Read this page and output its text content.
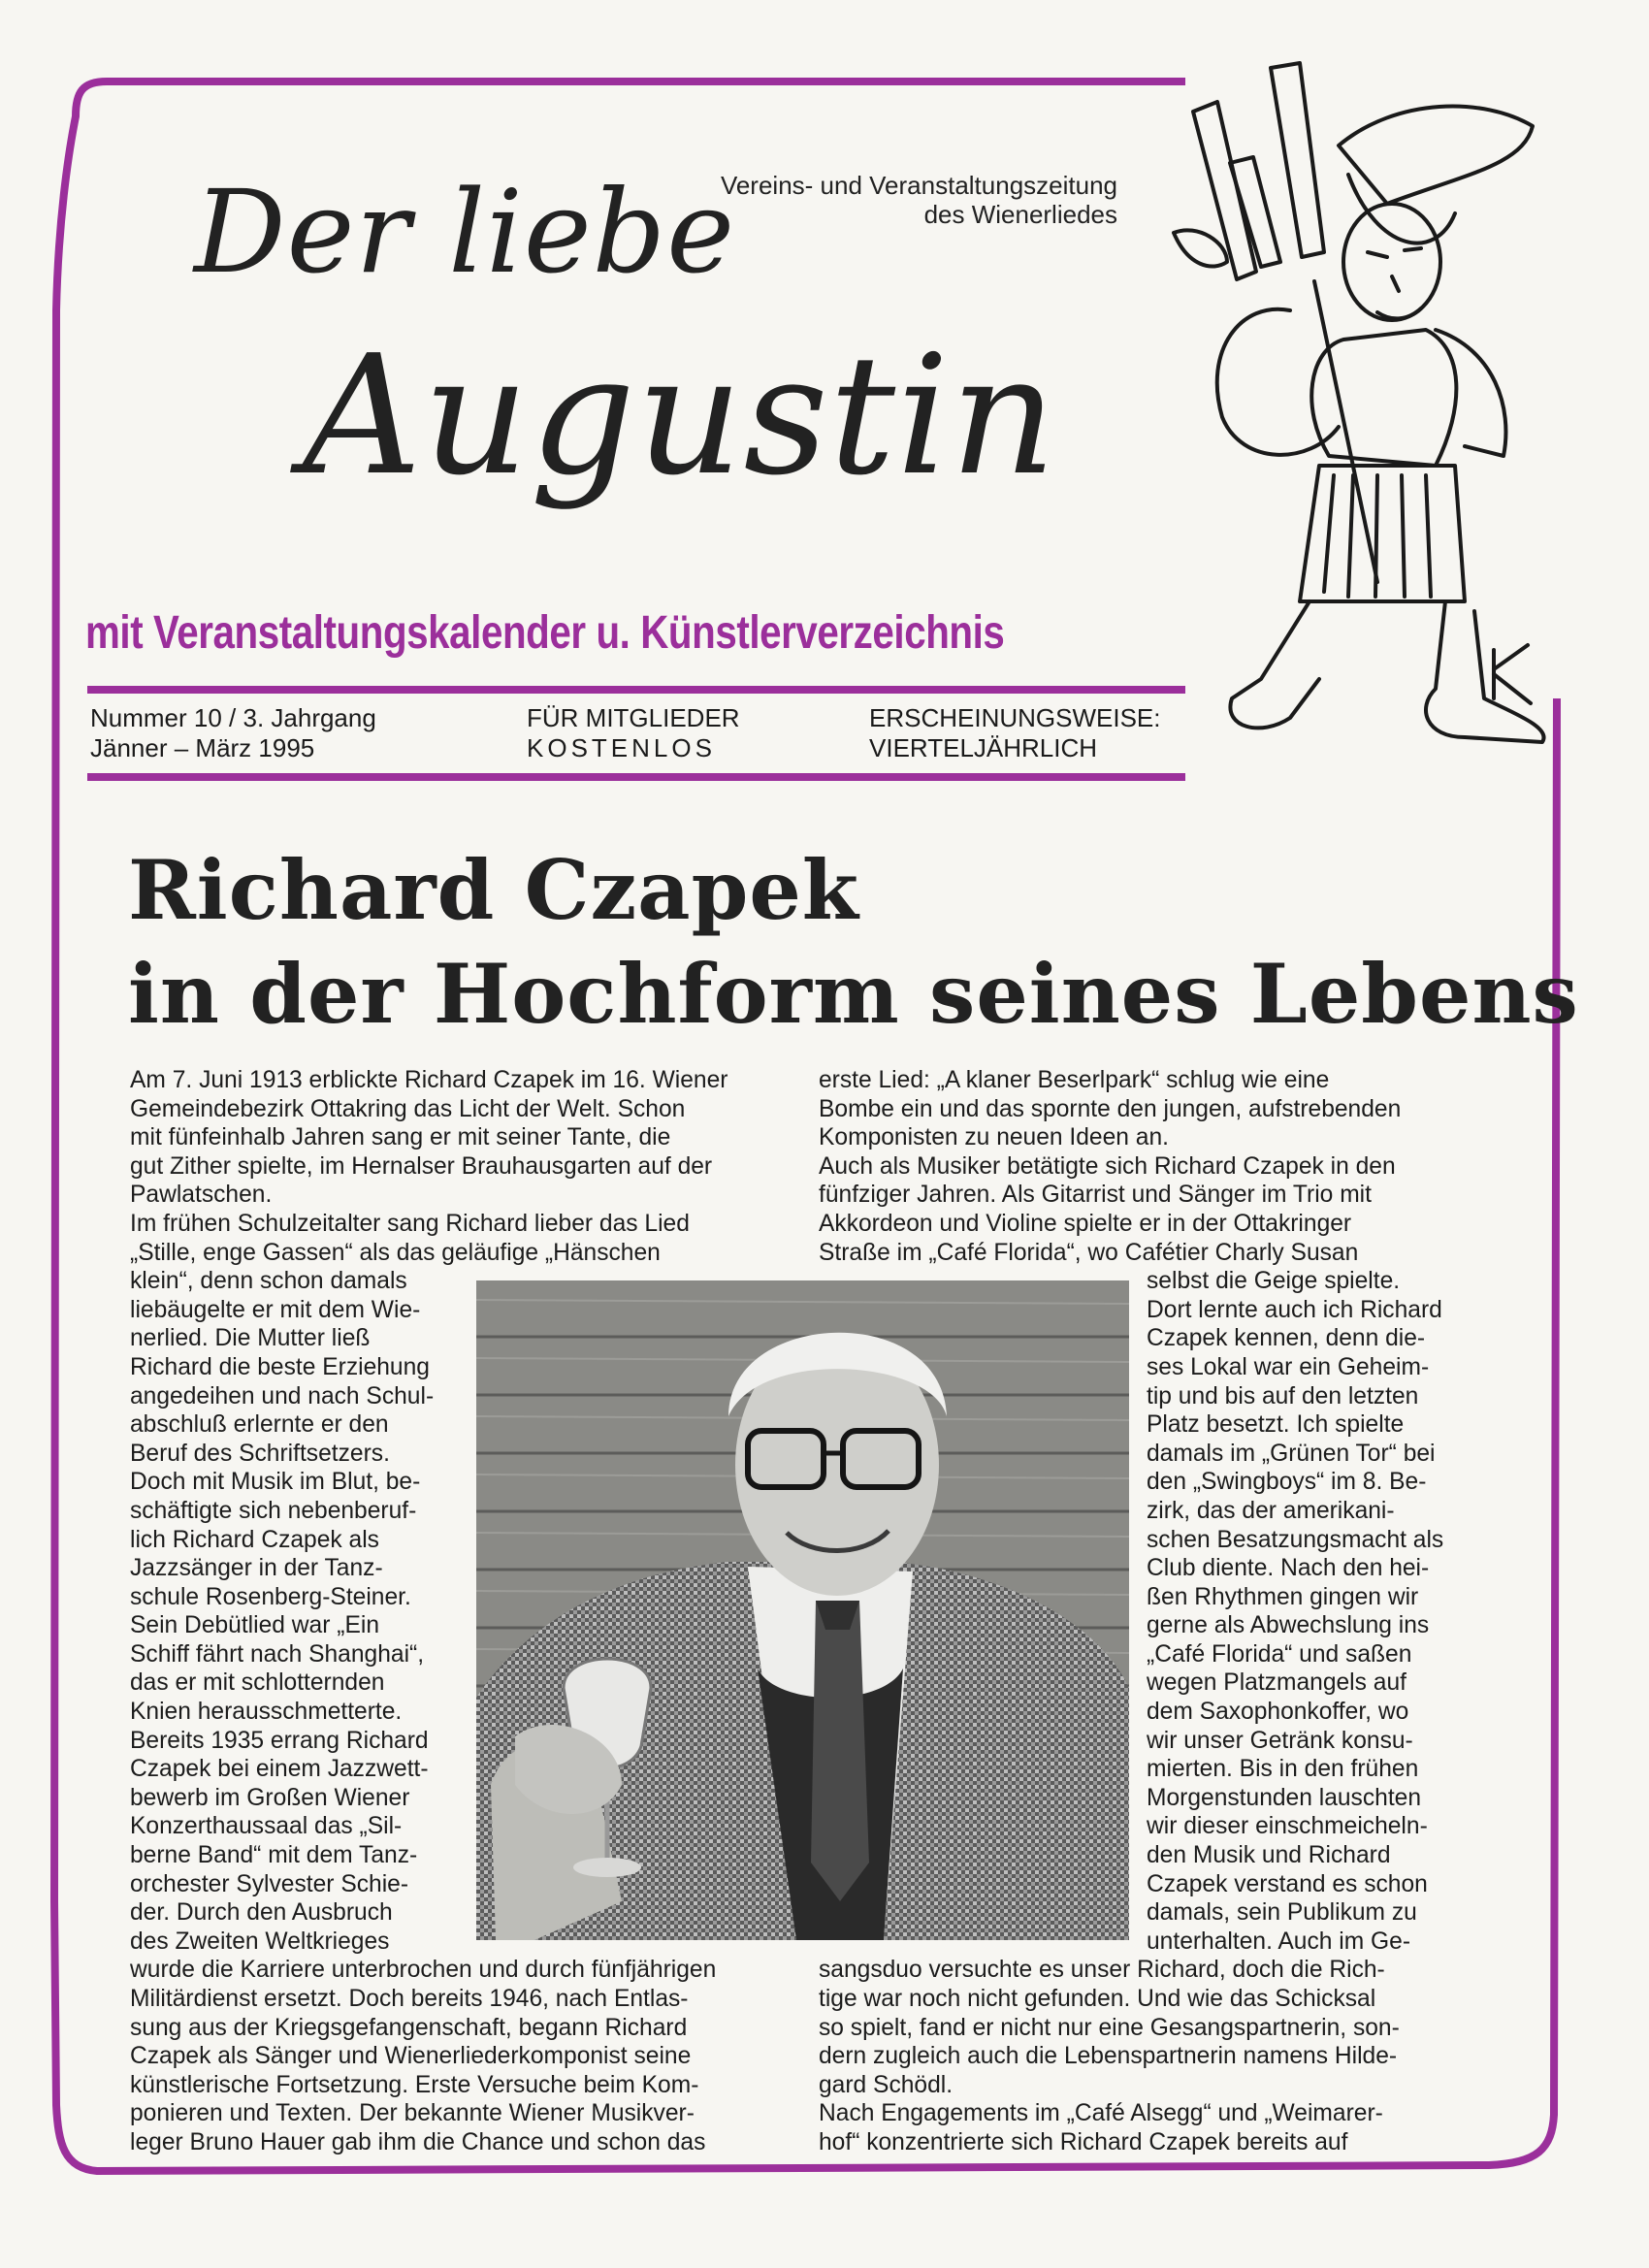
Der liebe
Augustin
Vereins- und Veranstaltungszeitung
des Wienerliedes
mit Veranstaltungskalender u. Künstlerverzeichnis
Nummer 10 / 3. Jahrgang
Jänner – März 1995
FÜR MITGLIEDER
KOSTENLOS
ERSCHEINUNGSWEISE:
VIERTELJÄHRLICH
Richard Czapek
in der Hochform seines Lebens

Am 7. Juni 1913 erblickte Richard Czapek im 16. Wiener

Gemeindebezirk Ottakring das Licht der Welt. Schon

mit fünfeinhalb Jahren sang er mit seiner Tante, die

gut Zither spielte, im Hernalser Brauhausgarten auf der

Pawlatschen.

Im frühen Schulzeitalter sang Richard lieber das Lied

„Stille, enge Gassen“ als das geläufige „Hänschen

klein“, denn schon damals

liebäugelte er mit dem Wie-

nerlied. Die Mutter ließ

Richard die beste Erziehung

angedeihen und nach Schul-

abschluß erlernte er den

Beruf des Schriftsetzers.

Doch mit Musik im Blut, be-

schäftigte sich nebenberuf-

lich Richard Czapek als

Jazzsänger in der Tanz-

schule Rosenberg-Steiner.

Sein Debütlied war „Ein

Schiff fährt nach Shanghai“,

das er mit schlotternden

Knien herausschmetterte.

Bereits 1935 errang Richard

Czapek bei einem Jazzwett-

bewerb im Großen Wiener

Konzerthaussaal das „Sil-

berne Band“ mit dem Tanz-

orchester Sylvester Schie-

der. Durch den Ausbruch

des Zweiten Weltkrieges

wurde die Karriere unterbrochen und durch fünfjährigen

Militärdienst ersetzt. Doch bereits 1946, nach Entlas-

sung aus der Kriegsgefangenschaft, begann Richard

Czapek als Sänger und Wienerliederkomponist seine

künstlerische Fortsetzung. Erste Versuche beim Kom-

ponieren und Texten. Der bekannte Wiener Musikver-

leger Bruno Hauer gab ihm die Chance und schon das

erste Lied: „A klaner Beserlpark“ schlug wie eine

Bombe ein und das spornte den jungen, aufstrebenden

Komponisten zu neuen Ideen an.

Auch als Musiker betätigte sich Richard Czapek in den

fünfziger Jahren. Als Gitarrist und Sänger im Trio mit

Akkordeon und Violine spielte er in der Ottakringer

Straße im „Café Florida“, wo Cafétier Charly Susan

selbst die Geige spielte.

Dort lernte auch ich Richard

Czapek kennen, denn die-

ses Lokal war ein Geheim-

tip und bis auf den letzten

Platz besetzt. Ich spielte

damals im „Grünen Tor“ bei

den „Swingboys“ im 8. Be-

zirk, das der amerikani-

schen Besatzungsmacht als

Club diente. Nach den hei-

ßen Rhythmen gingen wir

gerne als Abwechslung ins

„Café Florida“ und saßen

wegen Platzmangels auf

dem Saxophonkoffer, wo

wir unser Getränk konsu-

mierten. Bis in den frühen

Morgenstunden lauschten

wir dieser einschmeicheln-

den Musik und Richard

Czapek verstand es schon

damals, sein Publikum zu

unterhalten. Auch im Ge-

sangsduo versuchte es unser Richard, doch die Rich-

tige war noch nicht gefunden. Und wie das Schicksal

so spielt, fand er nicht nur eine Gesangspartnerin, son-

dern zugleich auch die Lebenspartnerin namens Hilde-

gard Schödl.

Nach Engagements im „Café Alsegg“ und „Weimarer-

hof“ konzentrierte sich Richard Czapek bereits auf
